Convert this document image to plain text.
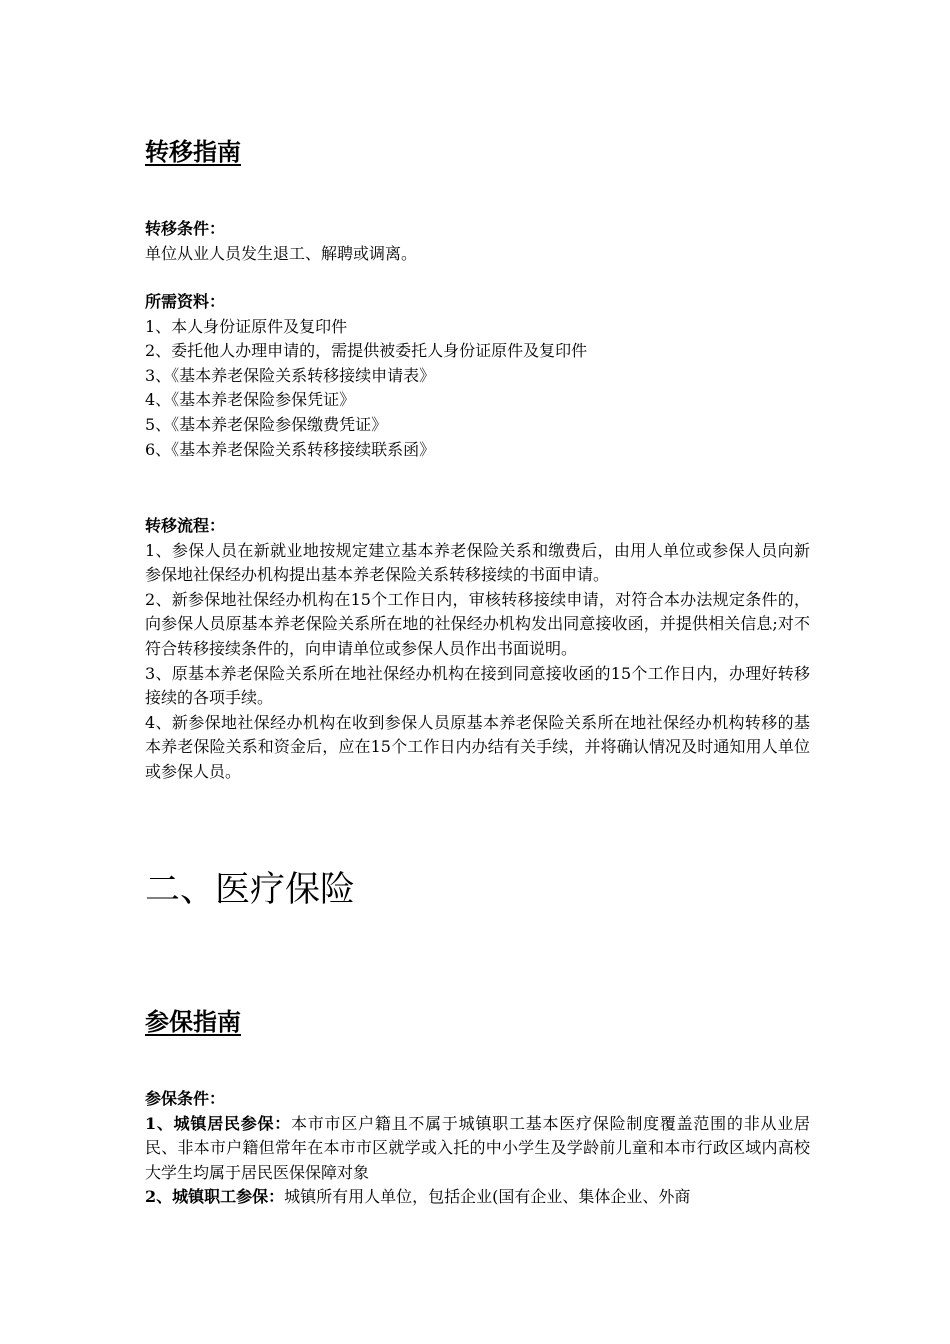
转移指南
转移条件：
单位从业人员发生退工、解聘或调离。
所需资料：
1、本人身份证原件及复印件
2、委托他人办理申请的，需提供被委托人身份证原件及复印件
3、《基本养老保险关系转移接续申请表》
4、《基本养老保险参保凭证》
5、《基本养老保险参保缴费凭证》
6、《基本养老保险关系转移接续联系函》
转移流程：
1、参保人员在新就业地按规定建立基本养老保险关系和缴费后，由用人单位或参保人员向新参保地社保经办机构提出基本养老保险关系转移接续的书面申请。
2、新参保地社保经办机构在15个工作日内，审核转移接续申请，对符合本办法规定条件的，向参保人员原基本养老保险关系所在地的社保经办机构发出同意接收函，并提供相关信息;对不符合转移接续条件的，向申请单位或参保人员作出书面说明。
3、原基本养老保险关系所在地社保经办机构在接到同意接收函的15个工作日内，办理好转移接续的各项手续。
4、新参保地社保经办机构在收到参保人员原基本养老保险关系所在地社保经办机构转移的基本养老保险关系和资金后，应在15个工作日内办结有关手续，并将确认情况及时通知用人单位或参保人员。
二、医疗保险
参保指南
参保条件：
1、城镇居民参保：本市市区户籍且不属于城镇职工基本医疗保险制度覆盖范围的非从业居民、非本市户籍但常年在本市市区就学或入托的中小学生及学龄前儿童和本市行政区域内高校大学生均属于居民医保保障对象
2、城镇职工参保：城镇所有用人单位，包括企业(国有企业、集体企业、外商
